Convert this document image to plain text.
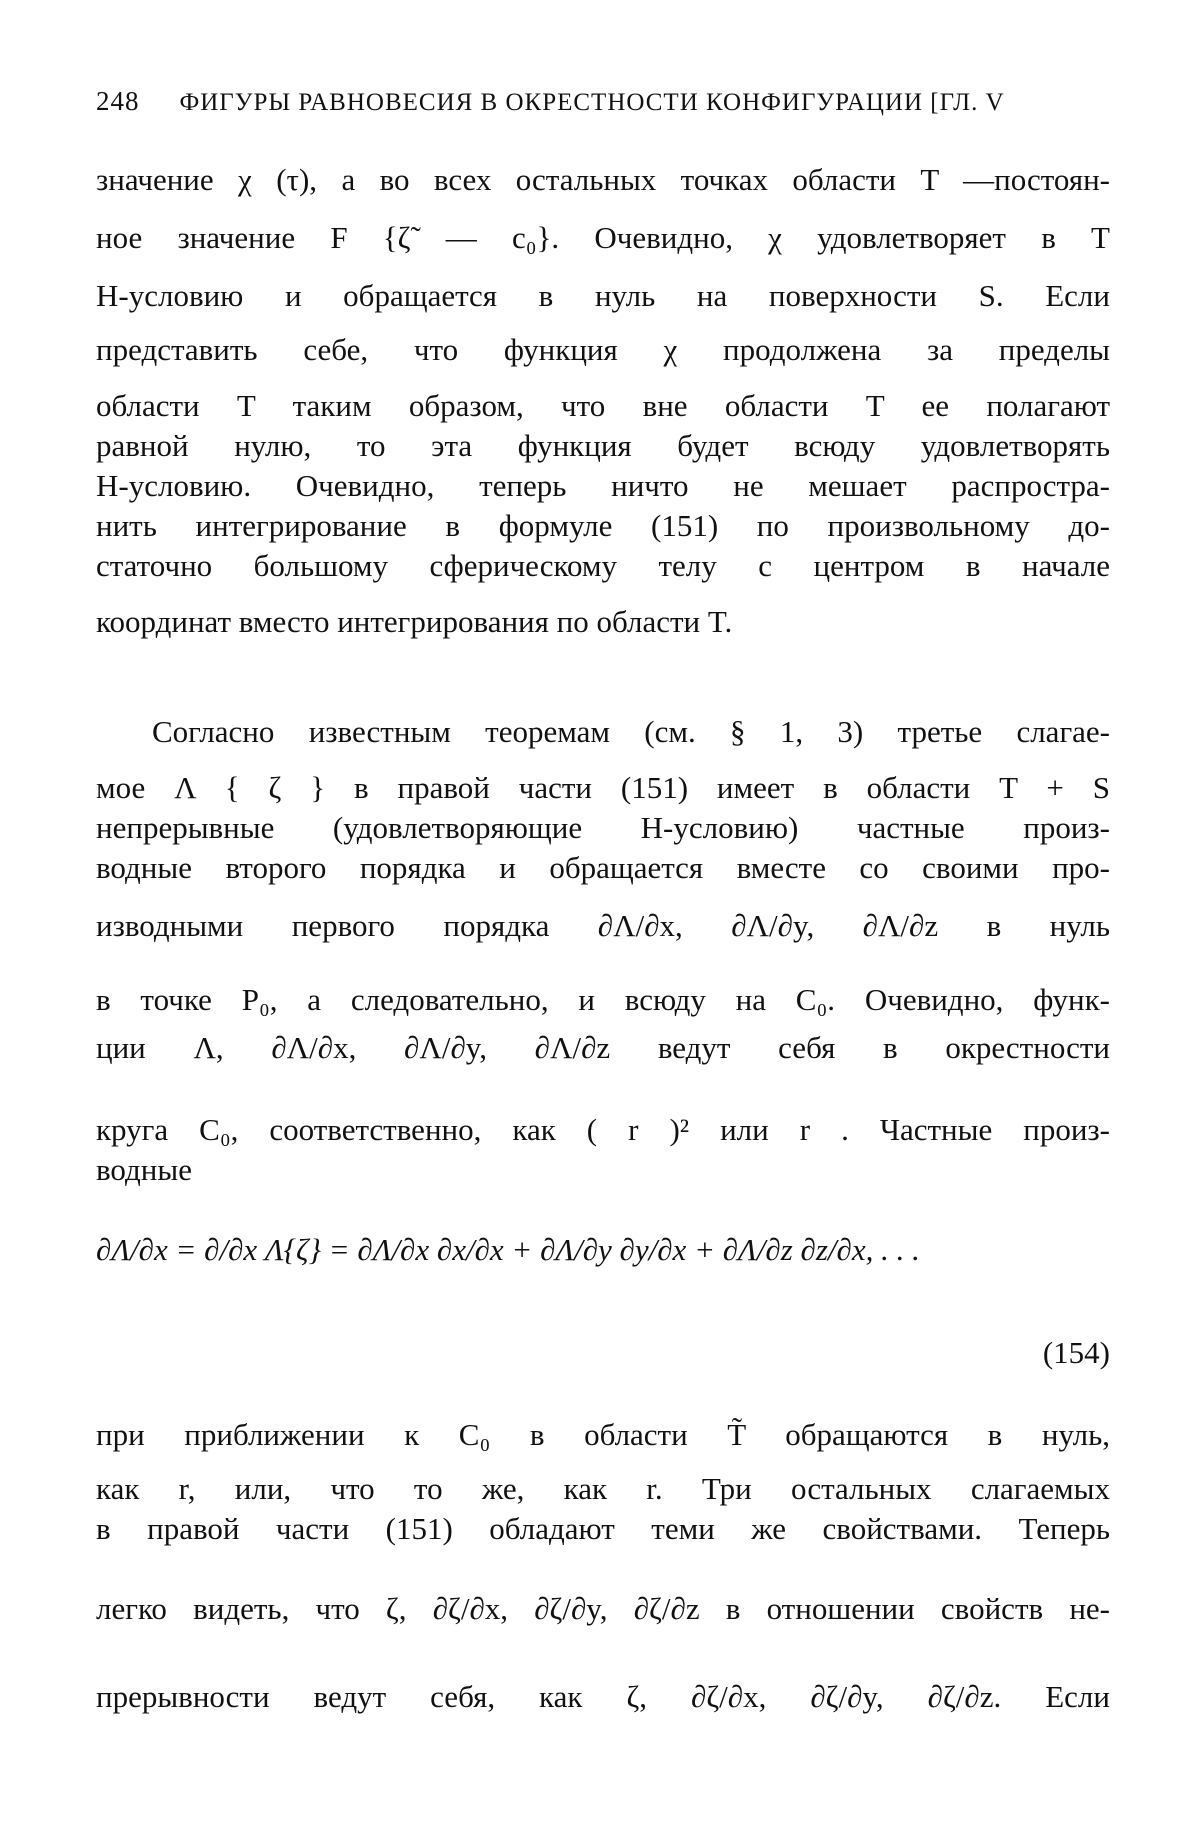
248 ФИГУРЫ РАВНОВЕСИЯ В ОКРЕСТНОСТИ КОНФИГУРАЦИИ [ГЛ. V
значение χ (τ), а во всех остальных точках области T —постоян-
ное значение F {ζ̃ — c₀}. Очевидно, χ удовлетворяет в T
H-условию и обращается в нуль на поверхности S. Если
представить себе, что функция χ продолжена за пределы
области T таким образом, что вне области T ее полагают
равной нулю, то эта функция будет всюду удовлетворять
H-условию. Очевидно, теперь ничто не мешает распростра-
нить интегрирование в формуле (151) по произвольному до-
статочно большому сферическому телу с центром в начале
координат вместо интегрирования по области T.
Согласно известным теоремам (см. § 1, 3) третье слагае-
мое Λ { ζ } в правой части (151) имеет в области T + S
непрерывные (удовлетворяющие H-условию) частные произ-
водные второго порядка и обращается вместе со своими про-
изводными первого порядка ∂Λ/∂x, ∂Λ/∂y, ∂Λ/∂z в нуль
в точке P₀, а следовательно, и всюду на C₀. Очевидно, функ-
ции Λ, ∂Λ/∂x, ∂Λ/∂y, ∂Λ/∂z ведут себя в окрестности
круга C₀, соответственно, как ( r )² или r . Частные произ-
водные
∂Λ/∂x = ∂/∂x Λ{ζ} = ∂Λ/∂x ∂x/∂x + ∂Λ/∂y ∂y/∂x + ∂Λ/∂z ∂z/∂x, . . .
(154)
при приближении к C₀ в области T̃ обращаются в нуль,
как r, или, что то же, как r. Три остальных слагаемых
в правой части (151) обладают теми же свойствами. Теперь
легко видеть, что ζ, ∂ζ/∂x, ∂ζ/∂y, ∂ζ/∂z в отношении свойств не-
прерывности ведут себя, как ζ, ∂ζ/∂x, ∂ζ/∂y, ∂ζ/∂z. Если
